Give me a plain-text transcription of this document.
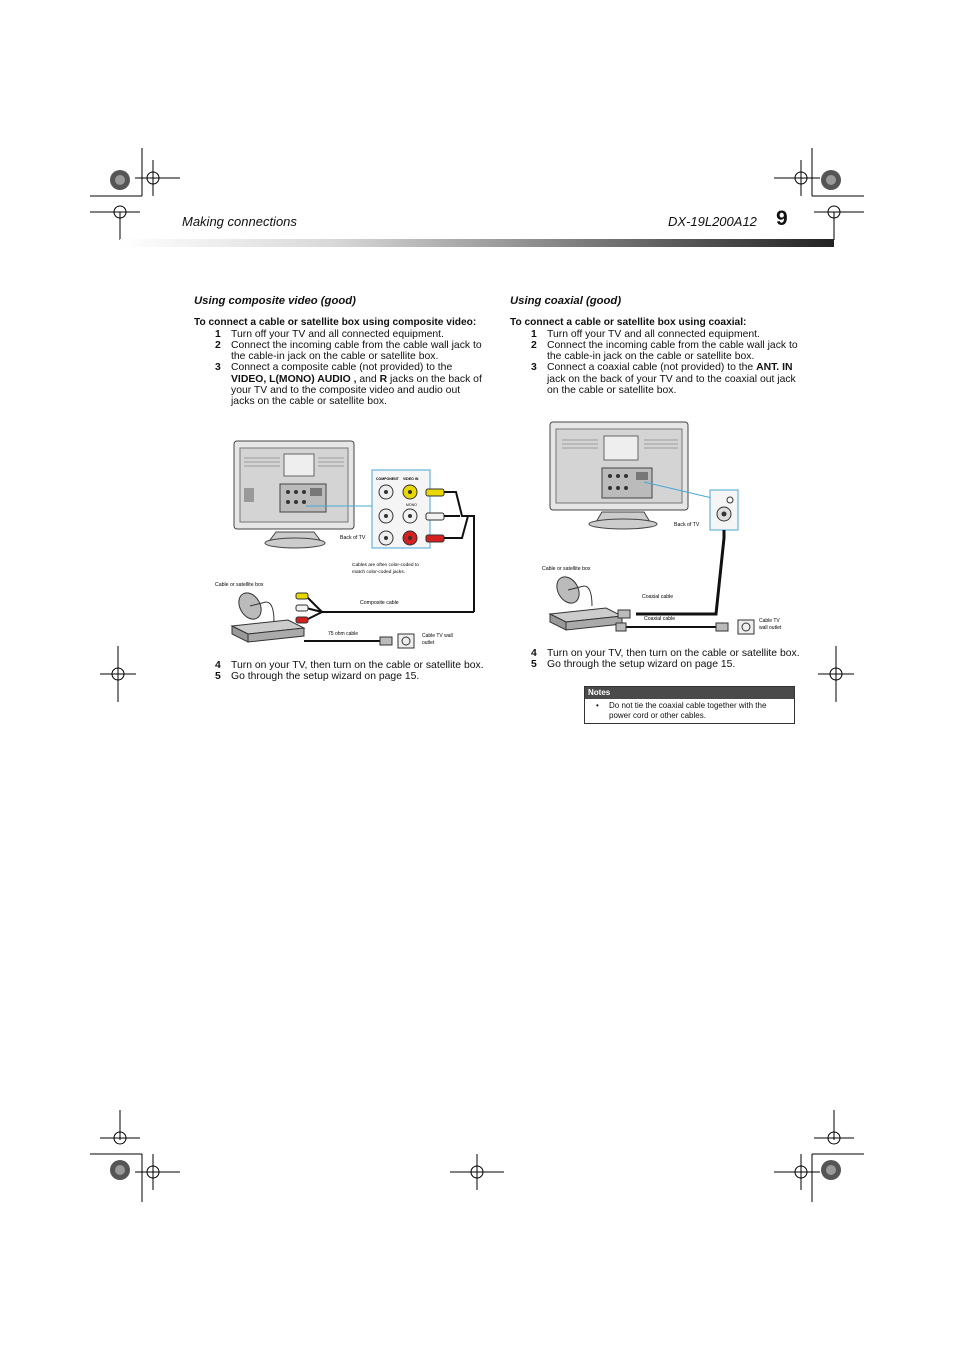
Making connections	DX-19L200A12 9
Using composite video (good)
To connect a cable or satellite box using composite video:
1 Turn off your TV and all connected equipment.
2 Connect the incoming cable from the cable wall jack to the cable-in jack on the cable or satellite box.
3 Connect a composite cable (not provided) to the VIDEO, L(MONO) AUDIO , and R jacks on the back of your TV and to the composite video and audio out jacks on the cable or satellite box.
4 Turn on your TV, then turn on the cable or satellite box.
5 Go through the setup wizard on page 15.
COMPONENT VIDEO IN
MONO
Back of TV
Cables are often color-coded to
match color-coded jacks.
Cable or satellite box
Composite cable
75 ohm cable	Cable TV wall
outlet
Using coaxial (good)
To connect a cable or satellite box using coaxial:
1 Turn off your TV and all connected equipment.
2 Connect the incoming cable from the cable wall jack to the cable-in jack on the cable or satellite box.
3 Connect a coaxial cable (not provided) to the ANT. IN jack on the back of your TV and to the coaxial out jack on the cable or satellite box.
Back of TV
Cable or satellite box
Coaxial cable
Coaxial cable	Cable TV
wall outlet
4 Turn on your TV, then turn on the cable or satellite box.
5 Go through the setup wizard on page 15.
Notes
• Do not tie the coaxial cable together with the power cord or other cables.
